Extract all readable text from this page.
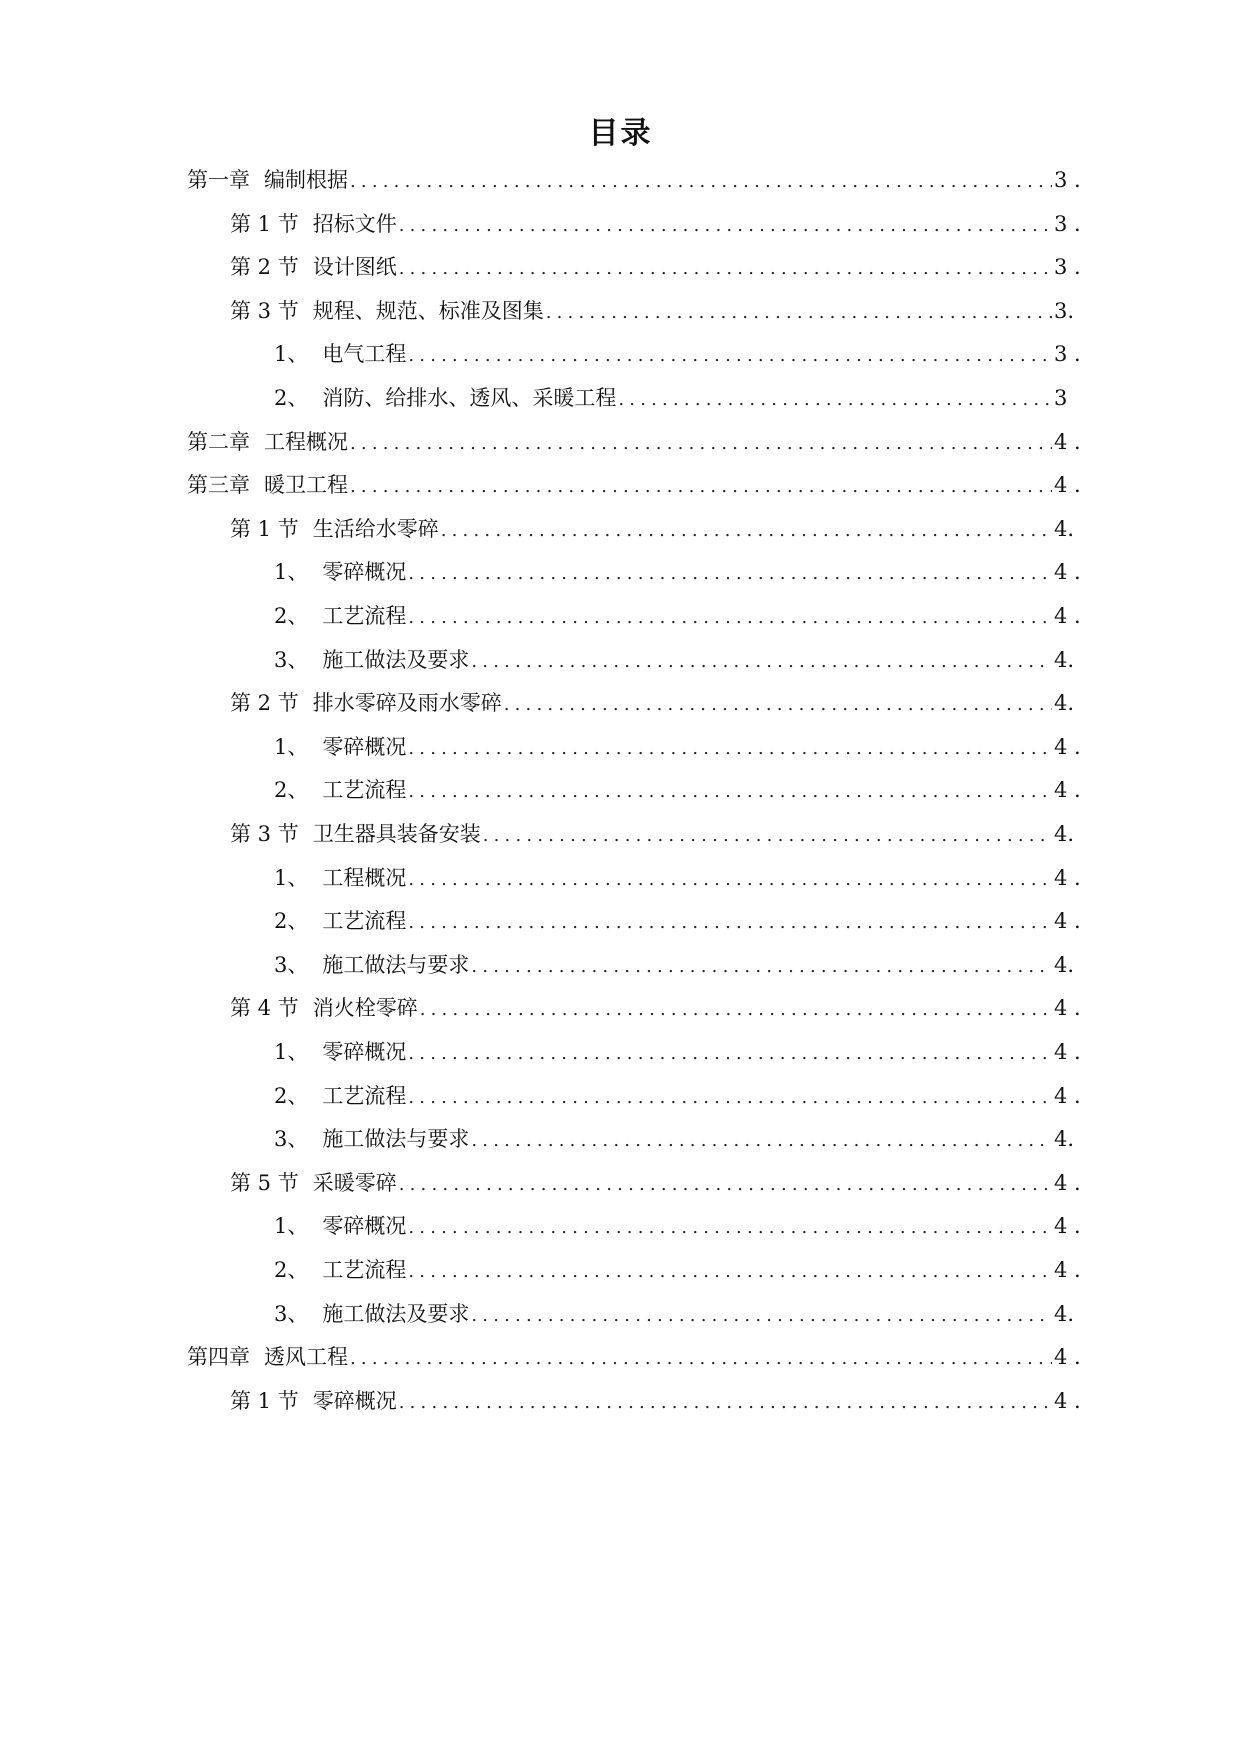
目录
第一章 编制根据 .....	3 .
第 1 节 招标文件 .....	3 .
第 2 节 设计图纸 .....	3 .
第 3 节 规程、规范、标准及图集 .....	3.
1、 电气工程 .....	3 .
2、 消防、给排水、透风、采暖工程 .....	3
第二章 工程概况 .....	4 .
第三章 暖卫工程 .....	4 .
第 1 节 生活给水零碎 .....	4.
1、 零碎概况 .....	4 .
2、 工艺流程 .....	4 .
3、 施工做法及要求 .....	4.
第 2 节 排水零碎及雨水零碎 .....	4.
1、 零碎概况 .....	4 .
2、 工艺流程 .....	4 .
第 3 节 卫生器具装备安装 .....	4.
1、 工程概况 .....	4 .
2、 工艺流程 .....	4 .
3、 施工做法与要求 .....	4.
第 4 节 消火栓零碎 .....	4 .
1、 零碎概况 .....	4 .
2、 工艺流程 .....	4 .
3、 施工做法与要求 .....	4.
第 5 节 采暖零碎 .....	4 .
1、 零碎概况 .....	4 .
2、 工艺流程 .....	4 .
3、 施工做法及要求 .....	4.
第四章 透风工程 .....	4 .
第 1 节 零碎概况 .....	4 .
